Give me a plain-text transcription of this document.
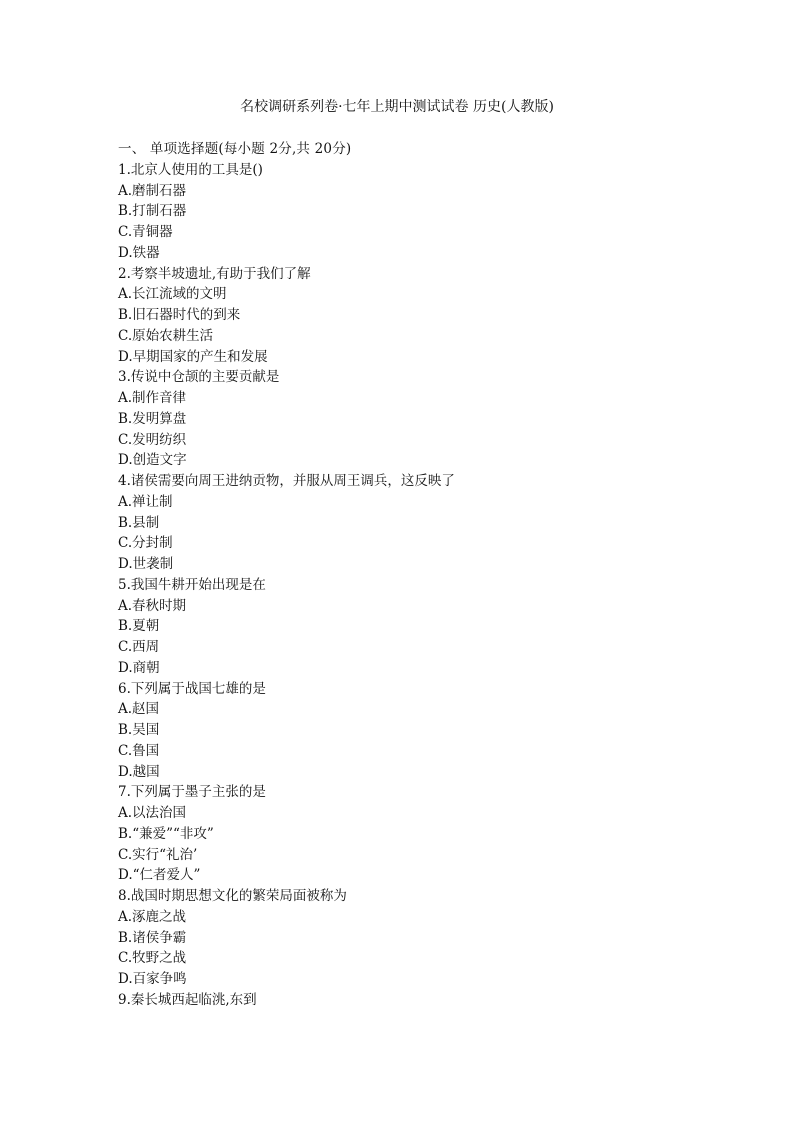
名校调研系列卷·七年上期中测试试卷 历史(人教版)
一、 单项选择题(每小题 2分,共 20分)
1.北京人使用的工具是()
A.磨制石器
B.打制石器
C.青铜器
D.铁器
2.考察半坡遗址,有助于我们了解
A.长江流域的文明
B.旧石器时代的到来
C.原始农耕生活
D.早期国家的产生和发展
3.传说中仓颉的主要贡献是
A.制作音律
B.发明算盘
C.发明纺织
D.创造文字
4.诸侯需要向周王进纳贡物，并服从周王调兵，这反映了
A.禅让制
B.县制
C.分封制
D.世袭制
5.我国牛耕开始出现是在
A.春秋时期
B.夏朝
C.西周
D.商朝
6.下列属于战国七雄的是
A.赵国
B.吴国
C.鲁国
D.越国
7.下列属于墨子主张的是
A.以法治国
B.“兼爱”“非攻”
C.实行“礼治’
D.“仁者爱人”
8.战国时期思想文化的繁荣局面被称为
A.涿鹿之战
B.诸侯争霸
C.牧野之战
D.百家争鸣
9.秦长城西起临洮,东到
